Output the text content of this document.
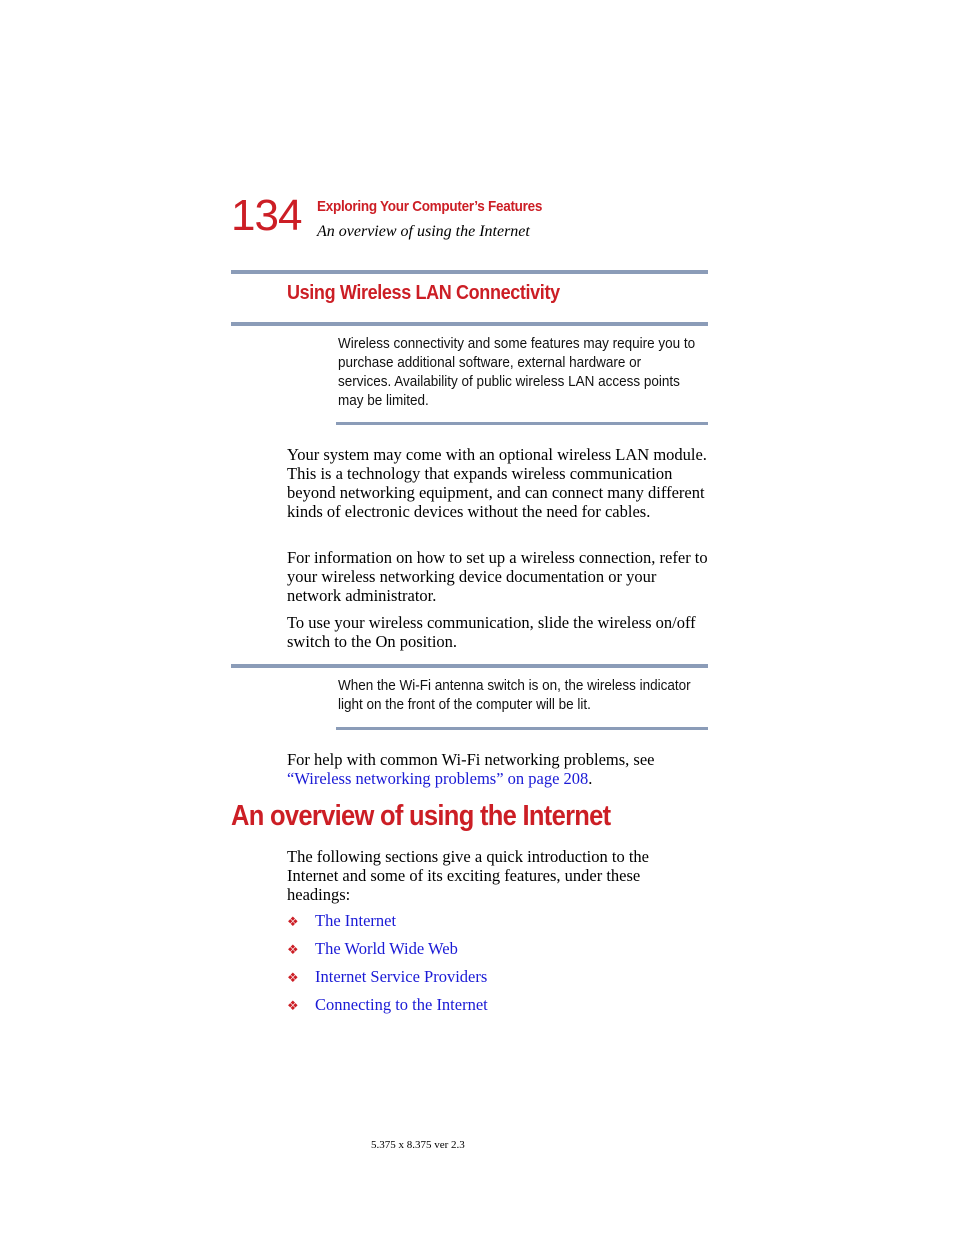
134 Exploring Your Computer’s Features
An overview of using the Internet
Using Wireless LAN Connectivity
Wireless connectivity and some features may require you to purchase additional software, external hardware or services. Availability of public wireless LAN access points may be limited.

Your system may come with an optional wireless LAN module. This is a technology that expands wireless communication beyond networking equipment, and can connect many different kinds of electronic devices without the need for cables.

For information on how to set up a wireless connection, refer to your wireless networking device documentation or your network administrator.

To use your wireless communication, slide the wireless on/off switch to the On position.

When the Wi-Fi antenna switch is on, the wireless indicator light on the front of the computer will be lit.

For help with common Wi-Fi networking problems, see “Wireless networking problems” on page 208.

An overview of using the Internet

The following sections give a quick introduction to the Internet and some of its exciting features, under these headings:

❖ The Internet
❖ The World Wide Web
❖ Internet Service Providers
❖ Connecting to the Internet
5.375 x 8.375 ver 2.3
